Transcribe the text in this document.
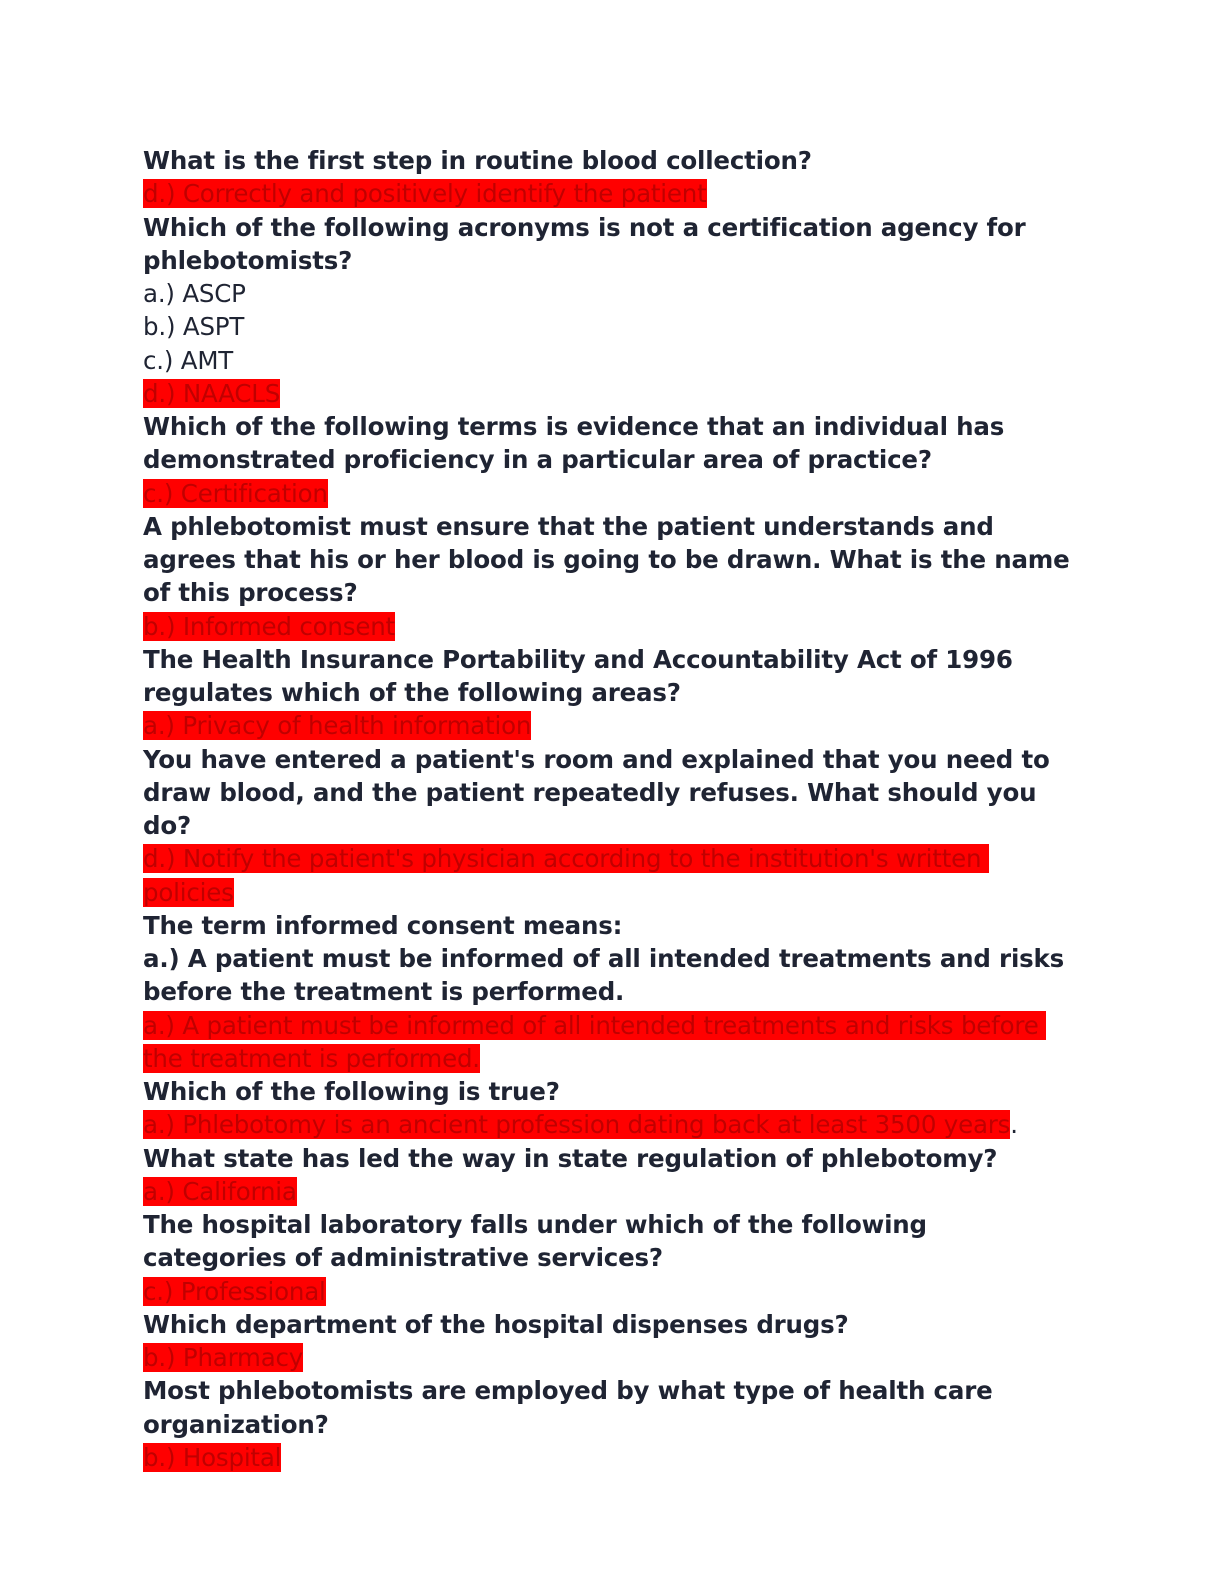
What is the first step in routine blood collection?
d.) Correctly and positively identify the patient
Which of the following acronyms is not a certification agency for phlebotomists?
a.) ASCP
b.) ASPT
c.) AMT
d.) NAACLS
Which of the following terms is evidence that an individual has demonstrated proficiency in a particular area of practice?
c.) Certification
A phlebotomist must ensure that the patient understands and agrees that his or her blood is going to be drawn. What is the name of this process?
b.) Informed consent
The Health Insurance Portability and Accountability Act of 1996 regulates which of the following areas?
a.) Privacy of health information
You have entered a patient's room and explained that you need to draw blood, and the patient repeatedly refuses. What should you do?
d.) Notify the patient's physician according to the institution's written policies
The term informed consent means:
a.) A patient must be informed of all intended treatments and risks before the treatment is performed.
a.) A patient must be informed of all intended treatments and risks before the treatment is performed.
Which of the following is true?
a.) Phlebotomy is an ancient profession dating back at least 3500 years.
What state has led the way in state regulation of phlebotomy?
a.) California
The hospital laboratory falls under which of the following categories of administrative services?
c.) Professional
Which department of the hospital dispenses drugs?
b.) Pharmacy
Most phlebotomists are employed by what type of health care organization?
b.) Hospital
